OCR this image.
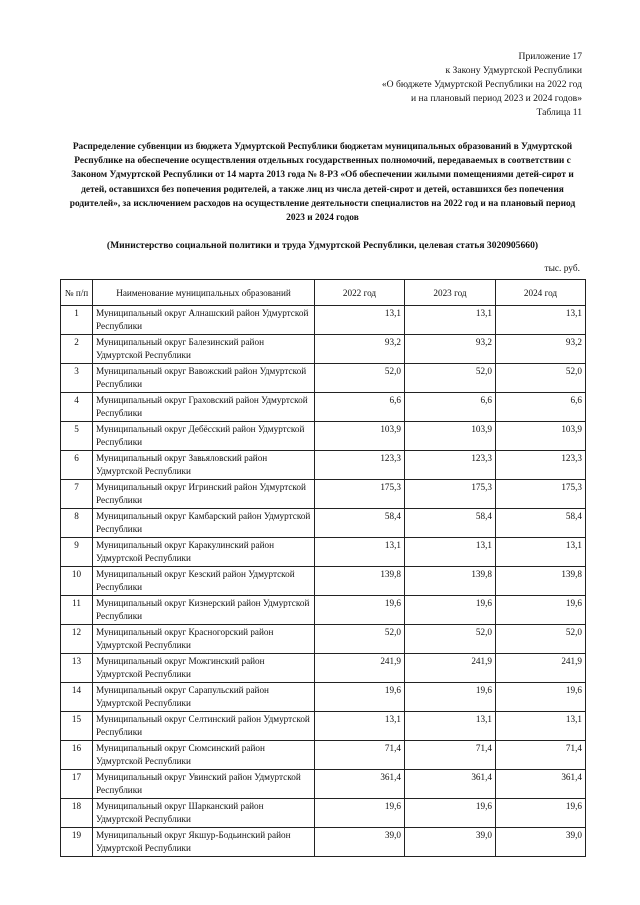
Приложение 17
к Закону Удмуртской Республики
«О бюджете Удмуртской Республики на 2022 год
и на плановый период 2023 и 2024 годов»
Таблица 11
Распределение субвенции из бюджета Удмуртской Республики бюджетам муниципальных образований в Удмуртской Республике на обеспечение осуществления отдельных государственных полномочий, передаваемых в соответствии с Законом Удмуртской Республики от 14 марта 2013 года № 8-РЗ «Об обеспечении жилыми помещениями детей-сирот и детей, оставшихся без попечения родителей, а также лиц из числа детей-сирот и детей, оставшихся без попечения родителей», за исключением расходов на осуществление деятельности специалистов на 2022 год и на плановый период 2023 и 2024 годов
(Министерство социальной политики и труда Удмуртской Республики, целевая статья 3020905660)
тыс. руб.
№ п/п	Наименование муниципальных образований	2022 год	2023 год	2024 год
1	Муниципальный округ Алнашский район Удмуртской Республики	13,1	13,1	13,1
2	Муниципальный округ Балезинский район Удмуртской Республики	93,2	93,2	93,2
3	Муниципальный округ Вавожский район Удмуртской Республики	52,0	52,0	52,0
4	Муниципальный округ Граховский район Удмуртской Республики	6,6	6,6	6,6
5	Муниципальный округ Дебёсский район Удмуртской Республики	103,9	103,9	103,9
6	Муниципальный округ Завьяловский район Удмуртской Республики	123,3	123,3	123,3
7	Муниципальный округ Игринский район Удмуртской Республики	175,3	175,3	175,3
8	Муниципальный округ Камбарский район Удмуртской Республики	58,4	58,4	58,4
9	Муниципальный округ Каракулинский район Удмуртской Республики	13,1	13,1	13,1
10	Муниципальный округ Кезский район Удмуртской Республики	139,8	139,8	139,8
11	Муниципальный округ Кизнерский район Удмуртской Республики	19,6	19,6	19,6
12	Муниципальный округ Красногорский район Удмуртской Республики	52,0	52,0	52,0
13	Муниципальный округ Можгинский район Удмуртской Республики	241,9	241,9	241,9
14	Муниципальный округ Сарапульский район Удмуртской Республики	19,6	19,6	19,6
15	Муниципальный округ Селтинский район Удмуртской Республики	13,1	13,1	13,1
16	Муниципальный округ Сюмсинский район Удмуртской Республики	71,4	71,4	71,4
17	Муниципальный округ Увинский район Удмуртской Республики	361,4	361,4	361,4
18	Муниципальный округ Шарканский район Удмуртской Республики	19,6	19,6	19,6
19	Муниципальный округ Якшур-Бодьинский район Удмуртской Республики	39,0	39,0	39,0
